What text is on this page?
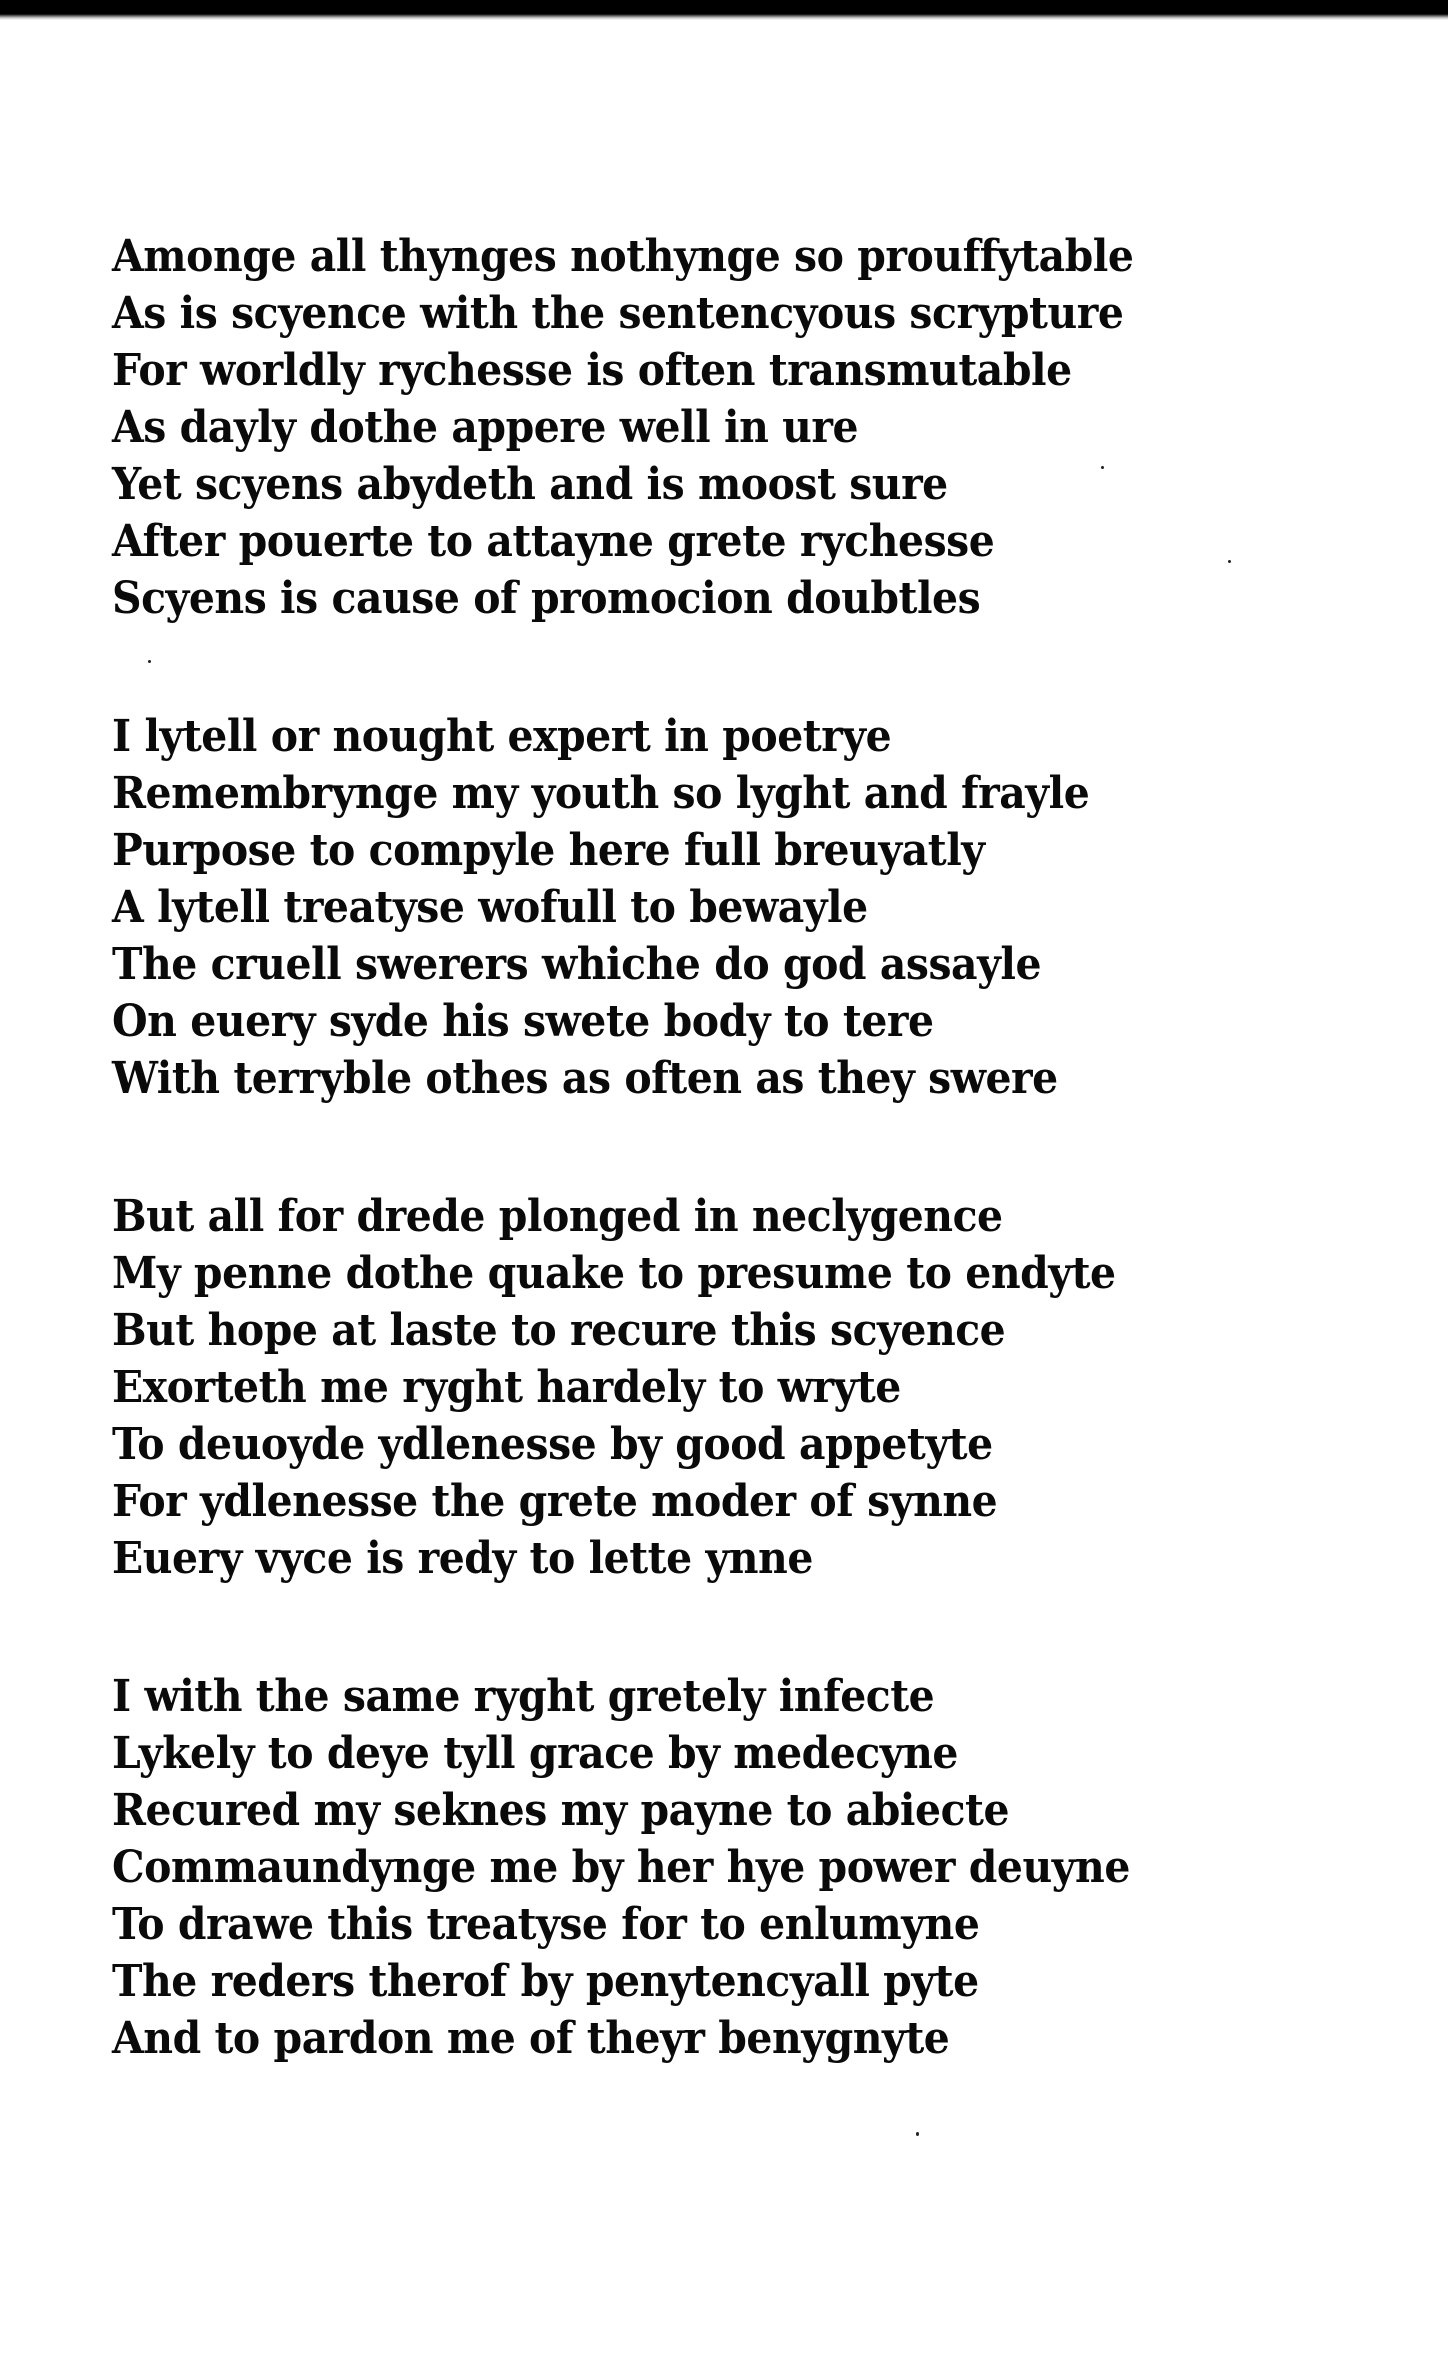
Amonge all thynges nothynge so prouffytable
As is scyence with the sentencyous scrypture
For worldly rychesse is often transmutable
As dayly dothe appere well in ure
Yet scyens abydeth and is moost sure
After pouerte to attayne grete rychesse
Scyens is cause of promocion doubtles
I lytell or nought expert in poetrye
Remembrynge my youth so lyght and frayle
Purpose to compyle here full breuyatly
A lytell treatyse wofull to bewayle
The cruell swerers whiche do god assayle
On euery syde his swete body to tere
With terryble othes as often as they swere
But all for drede plonged in neclygence
My penne dothe quake to presume to endyte
But hope at laste to recure this scyence
Exorteth me ryght hardely to wryte
To deuoyde ydlenesse by good appetyte
For ydlenesse the grete moder of synne
Euery vyce is redy to lette ynne
I with the same ryght gretely infecte
Lykely to deye tyll grace by medecyne
Recured my seknes my payne to abiecte
Commaundynge me by her hye power deuyne
To drawe this treatyse for to enlumyne
The reders therof by penytencyall pyte
And to pardon me of theyr benygnyte
